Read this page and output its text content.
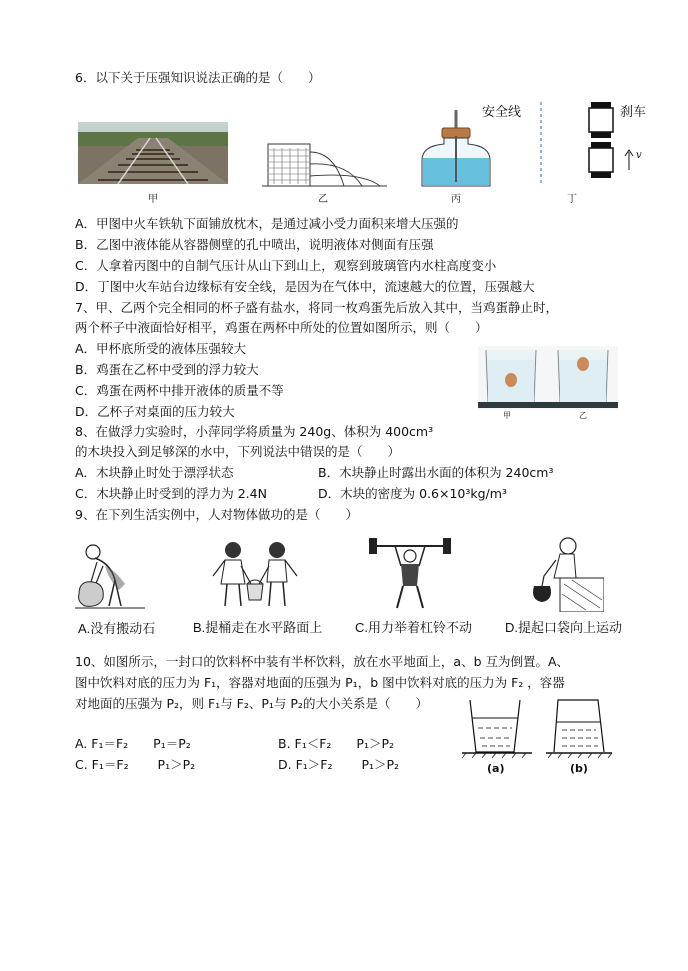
6．以下关于压强知识说法正确的是（　　）
甲	乙	丙
安全线	刹车
v
丁
A．甲图中火车铁轨下面铺放枕木，是通过减小受力面积来增大压强的
B．乙图中液体能从容器侧壁的孔中喷出，说明液体对侧面有压强
C．人拿着丙图中的自制气压计从山下到山上，观察到玻璃管内水柱高度变小
D．丁图中火车站台边缘标有安全线，是因为在气体中，流速越大的位置，压强越大
7、甲、乙两个完全相同的杯子盛有盐水，将同一枚鸡蛋先后放入其中，当鸡蛋静止时，
两个杯子中液面恰好相平，鸡蛋在两杯中所处的位置如图所示，则（　　）
A．甲杯底所受的液体压强较大
B．鸡蛋在乙杯中受到的浮力较大
C．鸡蛋在两杯中排开液体的质量不等
D．乙杯子对桌面的压力较大	甲	乙
8、在做浮力实验时，小萍同学将质量为 240g、体积为 400cm³
的木块投入到足够深的水中，下列说法中错误的是（　　）
A．木块静止时处于漂浮状态	B．木块静止时露出水面的体积为 240cm³
C．木块静止时受到的浮力为 2.4N	D．木块的密度为 0.6×10³kg/m³
9、在下列生活实例中，人对物体做功的是（　　）
A.没有搬动石	B.提桶走在水平路面上	C.用力举着杠铃不动	D.提起口袋向上运动
10、如图所示，一封口的饮料杯中装有半杯饮料，放在水平地面上，a、b 互为倒置。A、
图中饮料对底的压力为 F₁，容器对地面的压强为 P₁，b 图中饮料对底的压力为 F₂ ，容器
对地面的压强为 P₂，则 F₁与 F₂、P₁与 P₂的大小关系是（　　）
A. F₁＝F₂　　P₁＝P₂	B. F₁＜F₂　　P₁＞P₂
C. F₁＝F₂　　 P₁＞P₂	D. F₁＞F₂　　 P₁＞P₂	(a)	(b)
